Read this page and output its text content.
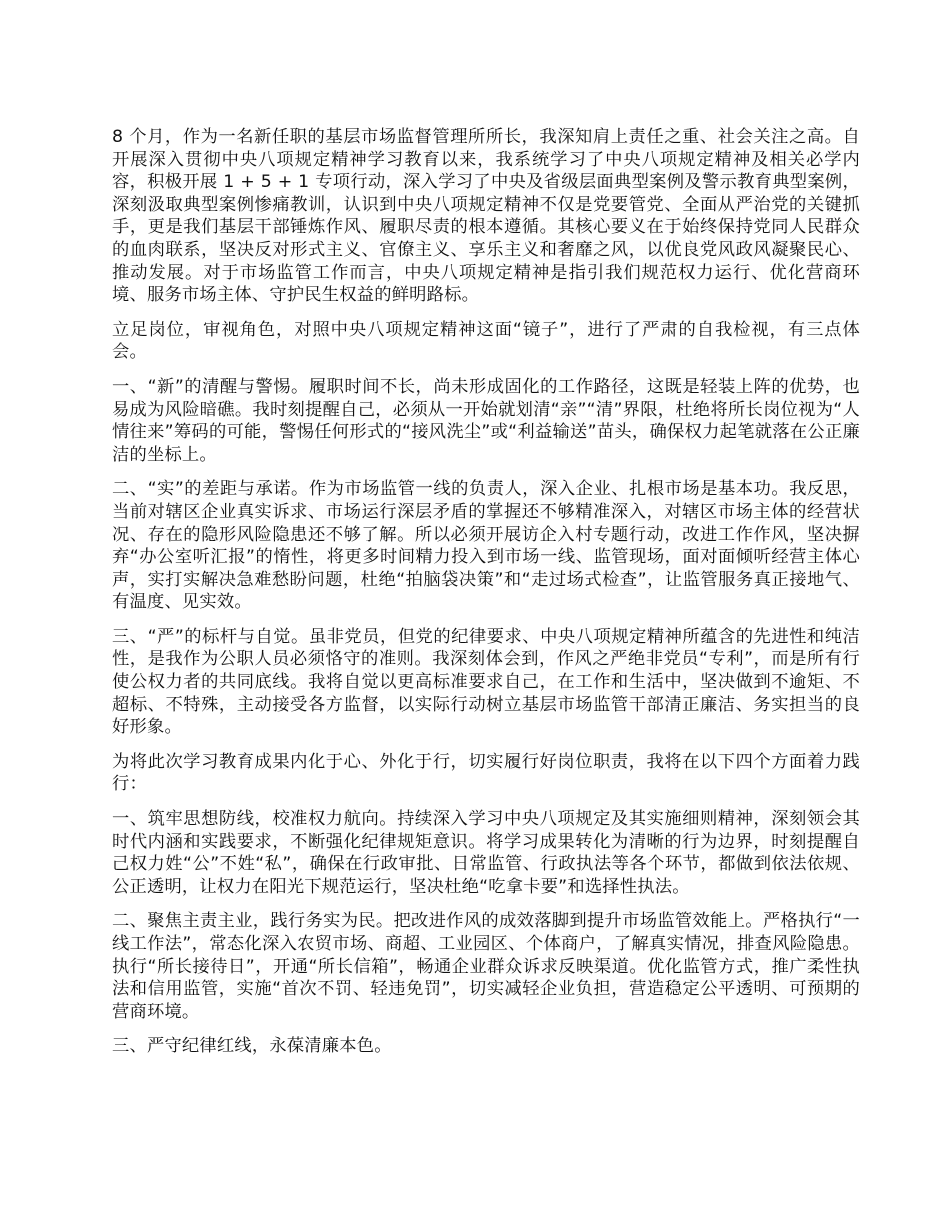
8 个月，作为一名新任职的基层市场监督管理所所长，我深知肩上责任之重、社会关注之高。自开展深入贯彻中央八项规定精神学习教育以来，我系统学习了中央八项规定精神及相关必学内容，积极开展 1 + 5 + 1 专项行动，深入学习了中央及省级层面典型案例及警示教育典型案例，深刻汲取典型案例惨痛教训，认识到中央八项规定精神不仅是党要管党、全面从严治党的关键抓手，更是我们基层干部锤炼作风、履职尽责的根本遵循。其核心要义在于始终保持党同人民群众的血肉联系，坚决反对形式主义、官僚主义、享乐主义和奢靡之风，以优良党风政风凝聚民心、推动发展。对于市场监管工作而言，中央八项规定精神是指引我们规范权力运行、优化营商环境、服务市场主体、守护民生权益的鲜明路标。

立足岗位，审视角色，对照中央八项规定精神这面“镜子”，进行了严肃的自我检视，有三点体会。

一、“新”的清醒与警惕。履职时间不长，尚未形成固化的工作路径，这既是轻装上阵的优势，也易成为风险暗礁。我时刻提醒自己，必须从一开始就划清“亲”“清”界限，杜绝将所长岗位视为“人情往来”筹码的可能，警惕任何形式的“接风洗尘”或“利益输送”苗头，确保权力起笔就落在公正廉洁的坐标上。

二、“实”的差距与承诺。作为市场监管一线的负责人，深入企业、扎根市场是基本功。我反思，当前对辖区企业真实诉求、市场运行深层矛盾的掌握还不够精准深入，对辖区市场主体的经营状况、存在的隐形风险隐患还不够了解。所以必须开展访企入村专题行动，改进工作作风，坚决摒弃“办公室听汇报”的惰性，将更多时间精力投入到市场一线、监管现场，面对面倾听经营主体心声，实打实解决急难愁盼问题，杜绝“拍脑袋决策”和“走过场式检查”，让监管服务真正接地气、有温度、见实效。

三、“严”的标杆与自觉。虽非党员，但党的纪律要求、中央八项规定精神所蕴含的先进性和纯洁性，是我作为公职人员必须恪守的准则。我深刻体会到，作风之严绝非党员“专利”，而是所有行使公权力者的共同底线。我将自觉以更高标准要求自己，在工作和生活中，坚决做到不逾矩、不超标、不特殊，主动接受各方监督，以实际行动树立基层市场监管干部清正廉洁、务实担当的良好形象。

为将此次学习教育成果内化于心、外化于行，切实履行好岗位职责，我将在以下四个方面着力践行：

一、筑牢思想防线，校准权力航向。持续深入学习中央八项规定及其实施细则精神，深刻领会其时代内涵和实践要求，不断强化纪律规矩意识。将学习成果转化为清晰的行为边界，时刻提醒自己权力姓“公”不姓“私”，确保在行政审批、日常监管、行政执法等各个环节，都做到依法依规、公正透明，让权力在阳光下规范运行，坚决杜绝“吃拿卡要”和选择性执法。

二、聚焦主责主业，践行务实为民。把改进作风的成效落脚到提升市场监管效能上。严格执行“一线工作法”，常态化深入农贸市场、商超、工业园区、个体商户，了解真实情况，排查风险隐患。执行“所长接待日”，开通“所长信箱”，畅通企业群众诉求反映渠道。优化监管方式，推广柔性执法和信用监管，实施“首次不罚、轻违免罚”，切实减轻企业负担，营造稳定公平透明、可预期的营商环境。

三、严守纪律红线，永葆清廉本色。
